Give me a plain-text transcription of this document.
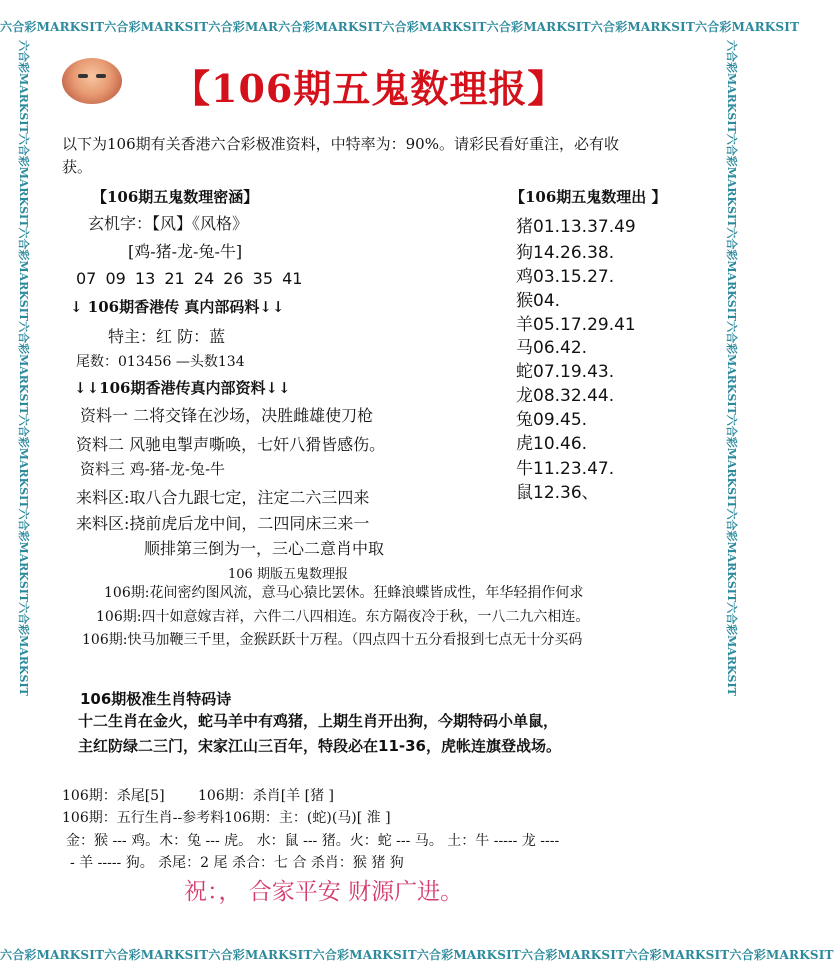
六合彩MARKSIT六合彩MARKSIT六合彩MAR六合彩MARKSIT六合彩MARKSIT六合彩MARKSIT六合彩MARKSIT六合彩MARKSIT
六合彩MARKSIT六合彩MARKSIT六合彩MARKSIT六合彩MARKSIT六合彩MARKSIT六合彩MARKSIT六合彩MARKSIT六合彩MARKSIT
六合彩MARKSIT六合彩MARKSIT六合彩MARKSIT六合彩MARKSIT六合彩MARKSIT六合彩MARKSIT六合彩MARKSIT	六合彩MARKSIT六合彩MARKSIT六合彩MARKSIT六合彩MARKSIT六合彩MARKSIT六合彩MARKSIT六合彩MARKSIT
【106期五鬼数理报】
以下为106期有关香港六合彩极准资料，中特率为：90%。请彩民看好重注，必有收
获。
【106期五鬼数理密涵】
玄机字：【风】《风格》
[鸡-猪-龙-兔-牛]
07 09 13 21 24 26 35 41
↓ 106期香港传 真内部码料↓↓
特主：红 防：蓝
尾数：013456 —头数134
↓↓106期香港传真内部资料↓↓
资料一 二将交锋在沙场，决胜雌雄使刀枪
资料二 风驰电掣声嘶唤，七奸八猾皆感伤。
资料三 鸡-猪-龙-兔-牛
来料区:取八合九跟七定，注定二六三四来
来料区:挠前虎后龙中间，二四同床三来一
顺排第三倒为一，三心二意肖中取
106 期版五鬼数理报
【106期五鬼数理出 】
猪01.13.37.49
狗14.26.38.
鸡03.15.27.
猴04.
羊05.17.29.41
马06.42.
蛇07.19.43.
龙08.32.44.
兔09.45.
虎10.46.
牛11.23.47.
鼠12.36、
106期:花间密约图风流，意马心猿比罢休。狂蜂浪蝶皆成性，年华轻捐作何求
106期:四十如意嫁吉祥，六件二八四相连。东方隔夜冷于秋，一八二九六相连。
106期:快马加鞭三千里，金猴跃跃十万程。（四点四十五分看报到七点无十分买码
106期极准生肖特码诗
十二生肖在金火，蛇马羊中有鸡猪，上期生肖开出狗，今期特码小单鼠，
主红防绿二三门，宋家江山三百年，特段必在11-36，虎帐连旗登战场。
106期：杀尾[5] 106期：杀肖[羊 [猪 ]
106期：五行生肖--参考料106期：主：(蛇)(马)[ 淮 ]
金：猴 --- 鸡。木：兔 --- 虎。 水：鼠 --- 猪。火：蛇 --- 马。 土：牛 ----- 龙 ----
- 羊 ----- 狗。 杀尾：2 尾 杀合：七 合 杀肖：猴 猪 狗
祝：， 合家平安 财源广进。
